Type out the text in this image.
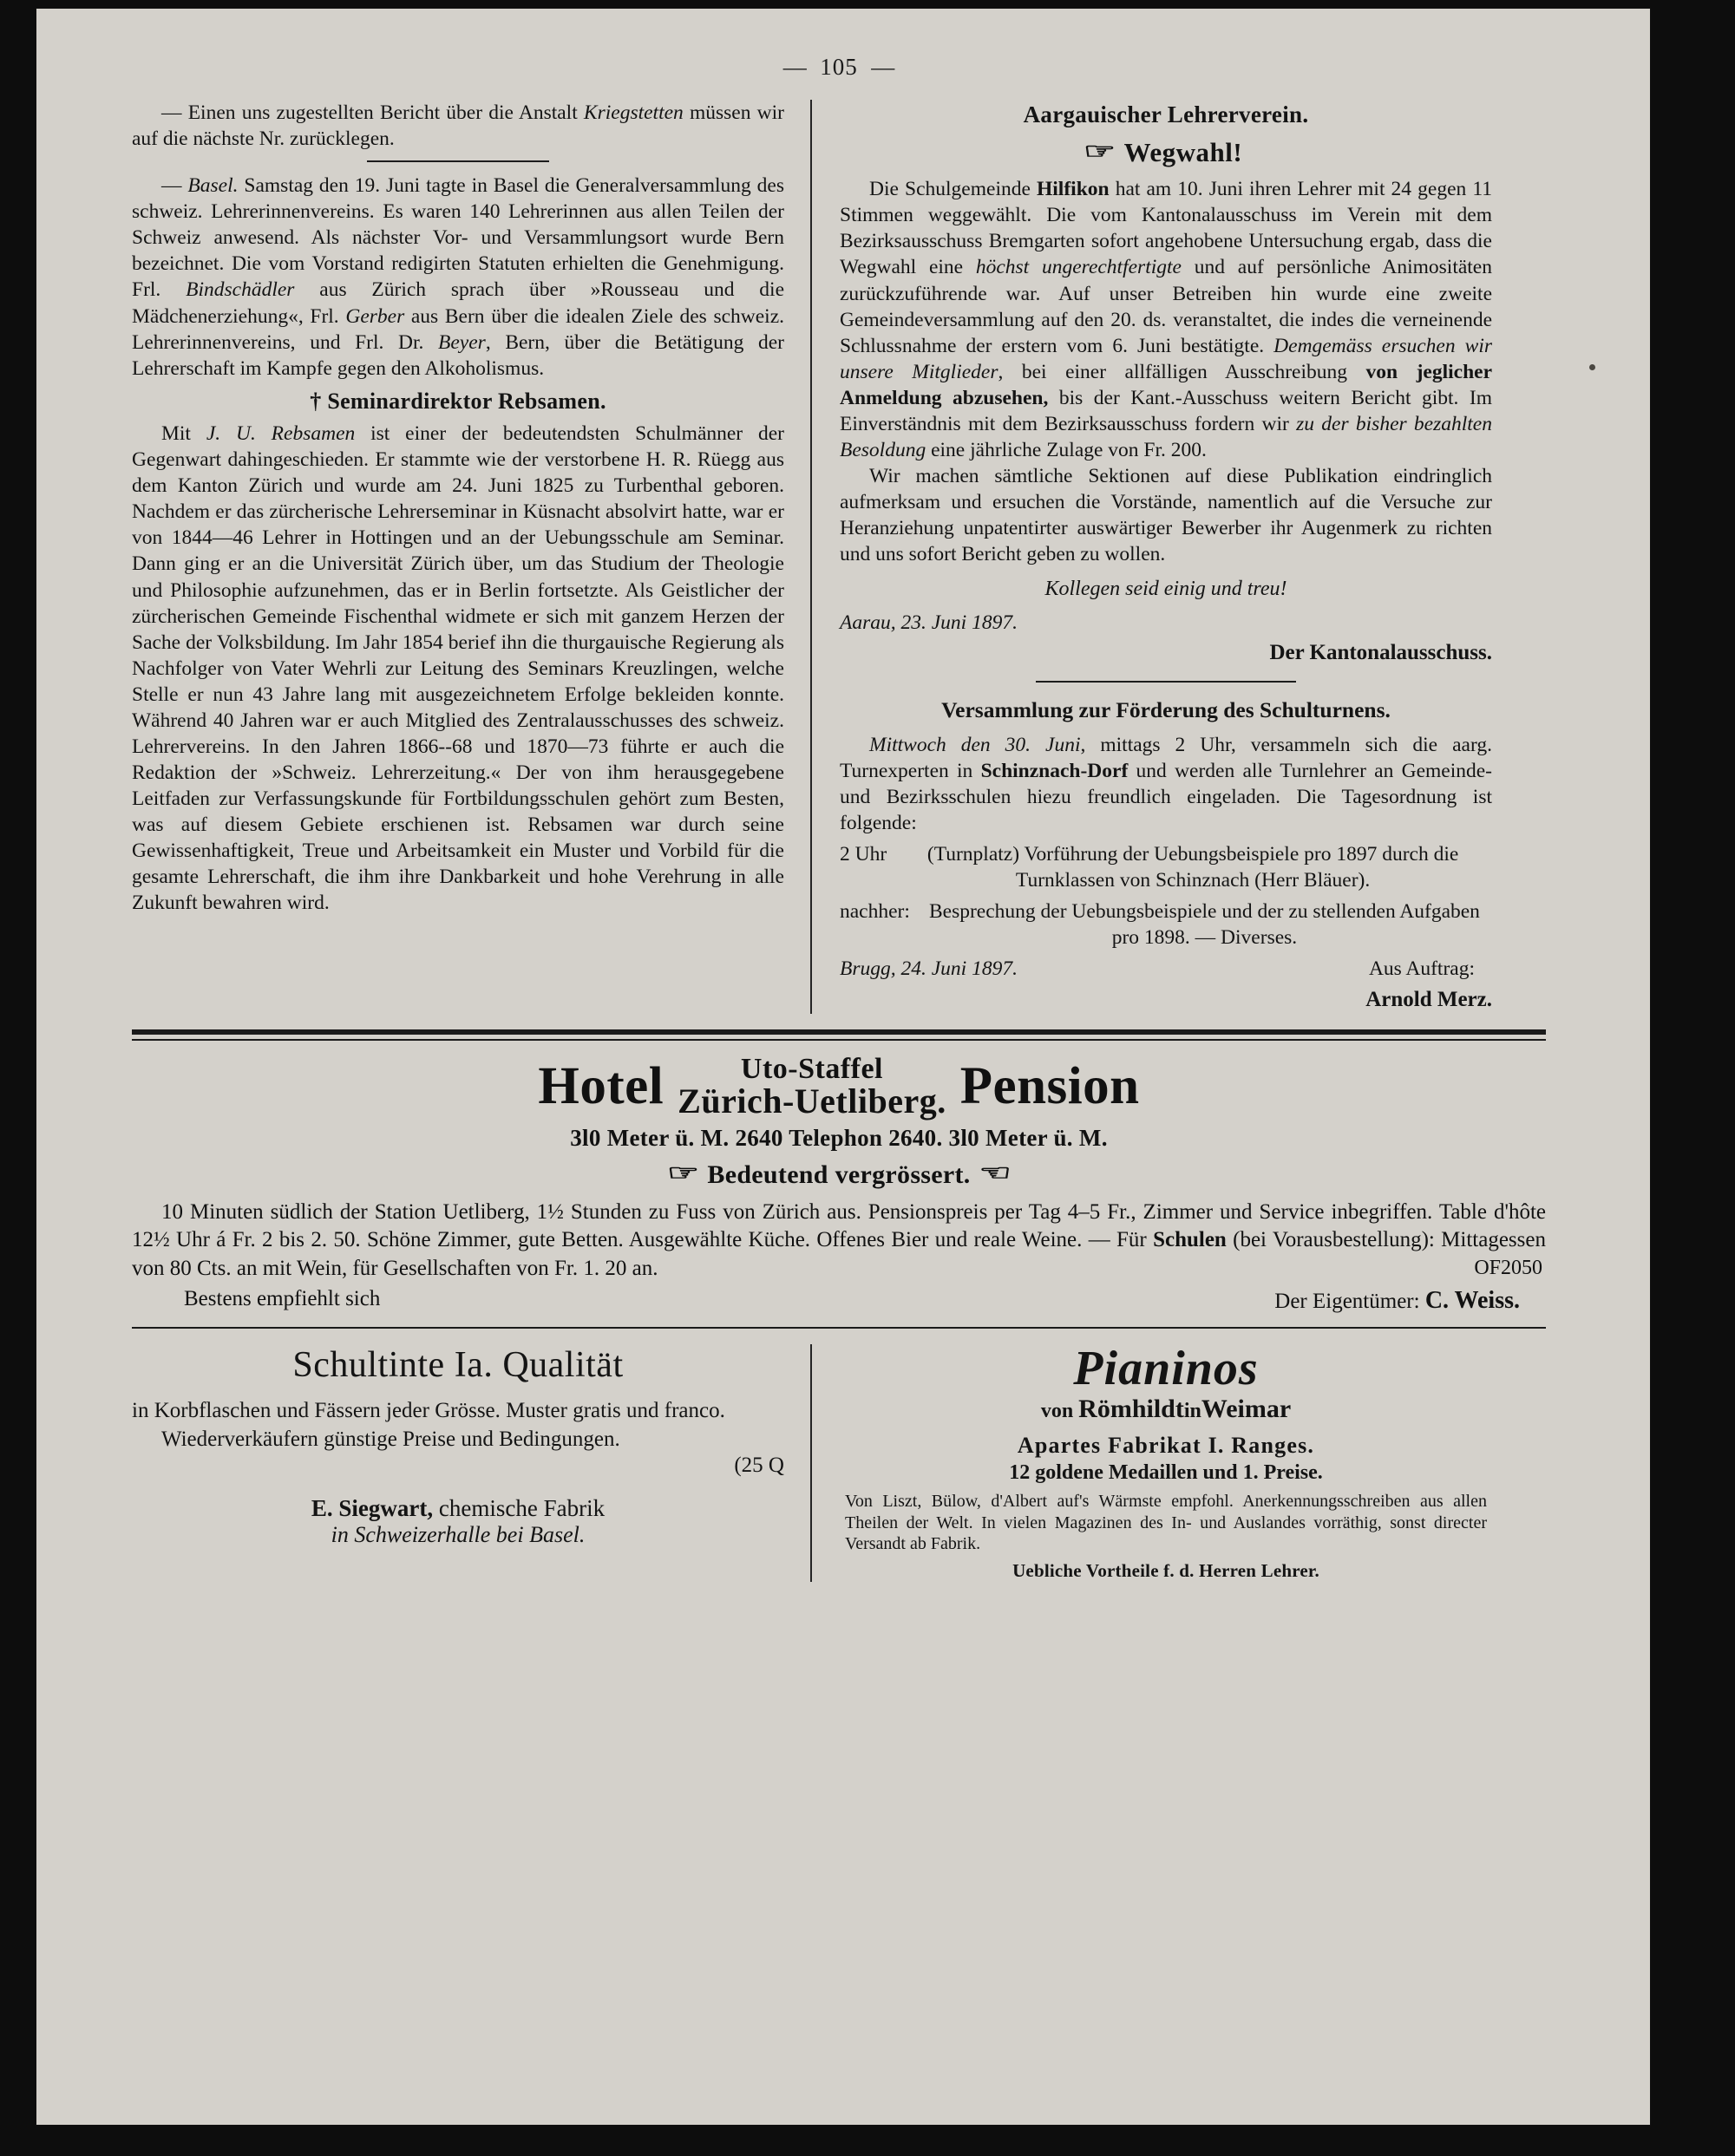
— 105 —

— Einen uns zugestellten Bericht über die Anstalt Kriegstetten müssen wir auf die nächste Nr. zurücklegen.

— Basel. Samstag den 19. Juni tagte in Basel die Generalversammlung des schweiz. Lehrerinnenvereins. Es waren 140 Lehrerinnen aus allen Teilen der Schweiz anwesend. Als nächster Vor- und Versammlungsort wurde Bern bezeichnet. Die vom Vorstand redigirten Statuten erhielten die Genehmigung. Frl. Bindschädler aus Zürich sprach über »Rousseau und die Mädchenerziehung«, Frl. Gerber aus Bern über die idealen Ziele des schweiz. Lehrerinnenvereins, und Frl. Dr. Beyer, Bern, über die Betätigung der Lehrerschaft im Kampfe gegen den Alkoholismus.

† Seminardirektor Rebsamen.

Mit J. U. Rebsamen ist einer der bedeutendsten Schulmänner der Gegenwart dahingeschieden. Er stammte wie der verstorbene H. R. Rüegg aus dem Kanton Zürich und wurde am 24. Juni 1825 zu Turbenthal geboren. Nachdem er das zürcherische Lehrerseminar in Küsnacht absolvirt hatte, war er von 1844—46 Lehrer in Hottingen und an der Uebungsschule am Seminar. Dann ging er an die Universität Zürich über, um das Studium der Theologie und Philosophie aufzunehmen, das er in Berlin fortsetzte. Als Geistlicher der zürcherischen Gemeinde Fischenthal widmete er sich mit ganzem Herzen der Sache der Volksbildung. Im Jahr 1854 berief ihn die thurgauische Regierung als Nachfolger von Vater Wehrli zur Leitung des Seminars Kreuzlingen, welche Stelle er nun 43 Jahre lang mit ausgezeichnetem Erfolge bekleiden konnte. Während 40 Jahren war er auch Mitglied des Zentralausschusses des schweiz. Lehrervereins. In den Jahren 1866--68 und 1870—73 führte er auch die Redaktion der »Schweiz. Lehrerzeitung.« Der von ihm herausgegebene Leitfaden zur Verfassungskunde für Fortbildungsschulen gehört zum Besten, was auf diesem Gebiete erschienen ist. Rebsamen war durch seine Gewissenhaftigkeit, Treue und Arbeitsamkeit ein Muster und Vorbild für die gesamte Lehrerschaft, die ihm ihre Dankbarkeit und hohe Verehrung in alle Zukunft bewahren wird.

Aargauischer Lehrerverein.
☞ Wegwahl!

Die Schulgemeinde Hilfikon hat am 10. Juni ihren Lehrer mit 24 gegen 11 Stimmen weggewählt. Die vom Kantonalausschuss im Verein mit dem Bezirksausschuss Bremgarten sofort angehobene Untersuchung ergab, dass die Wegwahl eine höchst ungerechtfertigte und auf persönliche Animositäten zurückzuführende war. Auf unser Betreiben hin wurde eine zweite Gemeindeversammlung auf den 20. ds. veranstaltet, die indes die verneinende Schlussnahme der erstern vom 6. Juni bestätigte. Demgemäss ersuchen wir unsere Mitglieder, bei einer allfälligen Ausschreibung von jeglicher Anmeldung abzusehen, bis der Kant.-Ausschuss weitern Bericht gibt. Im Einverständnis mit dem Bezirksausschuss fordern wir zu der bisher bezahlten Besoldung eine jährliche Zulage von Fr. 200.

Wir machen sämtliche Sektionen auf diese Publikation eindringlich aufmerksam und ersuchen die Vorstände, namentlich auf die Versuche zur Heranziehung unpatentirter auswärtiger Bewerber ihr Augenmerk zu richten und uns sofort Bericht geben zu wollen.

Kollegen seid einig und treu!

Aarau, 23. Juni 1897.

Der Kantonalausschuss.
Versammlung zur Förderung des Schulturnens.

Mittwoch den 30. Juni, mittags 2 Uhr, versammeln sich die aarg. Turnexperten in Schinznach-Dorf und werden alle Turnlehrer an Gemeinde- und Bezirksschulen hiezu freundlich eingeladen. Die Tagesordnung ist folgende:

2 Uhr	(Turnplatz) Vorführung der Uebungsbeispiele pro 1897 durch die Turnklassen von Schinznach (Herr Bläuer).
nachher: Besprechung der Uebungsbeispiele und der zu stellenden Aufgaben pro 1898. — Diverses.
Brugg, 24. Juni 1897.	Aus Auftrag:
Arnold Merz.
Hotel	Uto-Staffel
Zürich-Uetliberg. Pension
3l0 Meter ü. M. 2640 Telephon 2640. 3l0 Meter ü. M.
☞ Bedeutend vergrössert. ☞
10 Minuten südlich der Station Uetliberg, 1½ Stunden zu Fuss von Zürich aus. Pensionspreis per Tag 4–5 Fr., Zimmer und Service inbegriffen. Table d'hôte 12½ Uhr á Fr. 2 bis 2. 50. Schöne Zimmer, gute Betten. Ausgewählte Küche. Offenes Bier und reale Weine. — Für Schulen (bei Vorausbestellung): Mittagessen von 80 Cts. an mit Wein, für Gesellschaften von Fr. 1. 20 an.	OF2050
Bestens empfiehlt sich	Der Eigentümer: C. Weiss.
Schultinte Ia. Qualität

in Korbflaschen und Fässern jeder Grösse. Muster gratis und franco.

Wiederverkäufern günstige Preise und Bedingungen.

(25 Q
E. Siegwart, chemische Fabrik
in Schweizerhalle bei Basel.
Pianinos
von RömhildtinWeimar
Apartes Fabrikat I. Ranges.
12 goldene Medaillen und 1. Preise.
Von Liszt, Bülow, d'Albert auf's Wärmste empfohl. Anerkennungsschreiben aus allen Theilen der Welt. In vielen Magazinen des In- und Auslandes vorräthig, sonst directer Versandt ab Fabrik.
Uebliche Vortheile f. d. Herren Lehrer.
